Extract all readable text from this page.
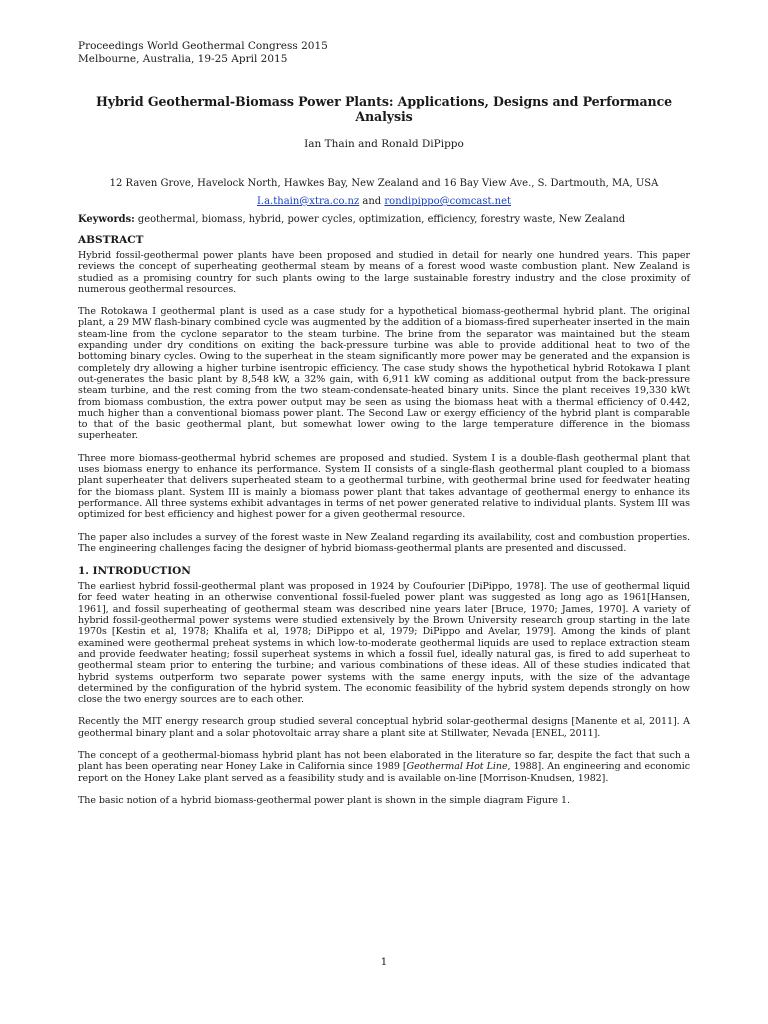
Proceedings World Geothermal Congress 2015
Melbourne, Australia, 19-25 April 2015
Hybrid Geothermal-Biomass Power Plants: Applications, Designs and Performance Analysis
Ian Thain and Ronald DiPippo
12 Raven Grove, Havelock North, Hawkes Bay, New Zealand and 16 Bay View Ave., S. Dartmouth, MA, USA
I.a.thain@xtra.co.nz and rondipippo@comcast.net
Keywords: geothermal, biomass, hybrid, power cycles, optimization, efficiency, forestry waste, New Zealand
ABSTRACT

Hybrid fossil-geothermal power plants have been proposed and studied in detail for nearly one hundred years. This paper reviews the concept of superheating geothermal steam by means of a forest wood waste combustion plant. New Zealand is studied as a promising country for such plants owing to the large sustainable forestry industry and the close proximity of numerous geothermal resources.

The Rotokawa I geothermal plant is used as a case study for a hypothetical biomass-geothermal hybrid plant. The original plant, a 29 MW flash-binary combined cycle was augmented by the addition of a biomass-fired superheater inserted in the main steam-line from the cyclone separator to the steam turbine. The brine from the separator was maintained but the steam expanding under dry conditions on exiting the back-pressure turbine was able to provide additional heat to two of the bottoming binary cycles. Owing to the superheat in the steam significantly more power may be generated and the expansion is completely dry allowing a higher turbine isentropic efficiency. The case study shows the hypothetical hybrid Rotokawa I plant out-generates the basic plant by 8,548 kW, a 32% gain, with 6,911 kW coming as additional output from the back-pressure steam turbine, and the rest coming from the two steam-condensate-heated binary units. Since the plant receives 19,330 kWt from biomass combustion, the extra power output may be seen as using the biomass heat with a thermal efficiency of 0.442, much higher than a conventional biomass power plant. The Second Law or exergy efficiency of the hybrid plant is comparable to that of the basic geothermal plant, but somewhat lower owing to the large temperature difference in the biomass superheater.

Three more biomass-geothermal hybrid schemes are proposed and studied. System I is a double-flash geothermal plant that uses biomass energy to enhance its performance. System II consists of a single-flash geothermal plant coupled to a biomass plant superheater that delivers superheated steam to a geothermal turbine, with geothermal brine used for feedwater heating for the biomass plant. System III is mainly a biomass power plant that takes advantage of geothermal energy to enhance its performance. All three systems exhibit advantages in terms of net power generated relative to individual plants. System III was optimized for best efficiency and highest power for a given geothermal resource.

The paper also includes a survey of the forest waste in New Zealand regarding its availability, cost and combustion properties. The engineering challenges facing the designer of hybrid biomass-geothermal plants are presented and discussed.

1. INTRODUCTION

The earliest hybrid fossil-geothermal plant was proposed in 1924 by Coufourier [DiPippo, 1978]. The use of geothermal liquid for feed water heating in an otherwise conventional fossil-fueled power plant was suggested as long ago as 1961[Hansen, 1961], and fossil superheating of geothermal steam was described nine years later [Bruce, 1970; James, 1970]. A variety of hybrid fossil-geothermal power systems were studied extensively by the Brown University research group starting in the late 1970s [Kestin et al, 1978; Khalifa et al, 1978; DiPippo et al, 1979; DiPippo and Avelar, 1979]. Among the kinds of plant examined were geothermal preheat systems in which low-to-moderate geothermal liquids are used to replace extraction steam and provide feedwater heating; fossil superheat systems in which a fossil fuel, ideally natural gas, is fired to add superheat to geothermal steam prior to entering the turbine; and various combinations of these ideas. All of these studies indicated that hybrid systems outperform two separate power systems with the same energy inputs, with the size of the advantage determined by the configuration of the hybrid system. The economic feasibility of the hybrid system depends strongly on how close the two energy sources are to each other.

Recently the MIT energy research group studied several conceptual hybrid solar-geothermal designs [Manente et al, 2011]. A geothermal binary plant and a solar photovoltaic array share a plant site at Stillwater, Nevada [ENEL, 2011].

The concept of a geothermal-biomass hybrid plant has not been elaborated in the literature so far, despite the fact that such a plant has been operating near Honey Lake in California since 1989 [Geothermal Hot Line, 1988]. An engineering and economic report on the Honey Lake plant served as a feasibility study and is available on-line [Morrison-Knudsen, 1982].

The basic notion of a hybrid biomass-geothermal power plant is shown in the simple diagram Figure 1.

1
